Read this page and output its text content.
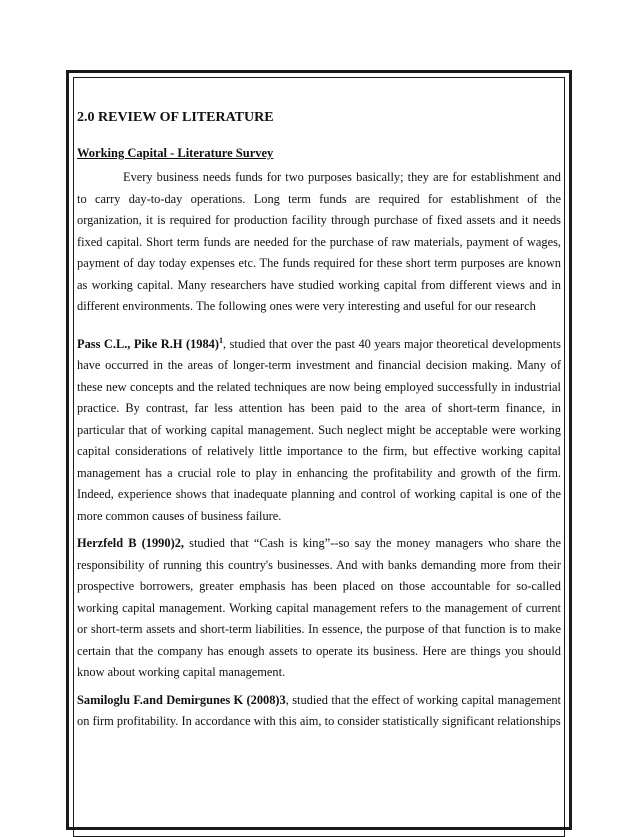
2.0 REVIEW OF LITERATURE
Working Capital - Literature Survey

Every business needs funds for two purposes basically; they are for establishment and to carry day-to-day operations. Long term funds are required for establishment of the organization, it is required for production facility through purchase of fixed assets and it needs fixed capital. Short term funds are needed for the purchase of raw materials, payment of wages, payment of day today expenses etc. The funds required for these short term purposes are known as working capital. Many researchers have studied working capital from different views and in different environments. The following ones were very interesting and useful for our research

Pass C.L., Pike R.H (1984)$^1$, studied that over the past 40 years major theoretical developments have occurred in the areas of longer-term investment and financial decision making. Many of these new concepts and the related techniques are now being employed successfully in industrial practice. By contrast, far less attention has been paid to the area of short-term finance, in particular that of working capital management. Such neglect might be acceptable were working capital considerations of relatively little importance to the firm, but effective working capital management has a crucial role to play in enhancing the profitability and growth of the firm. Indeed, experience shows that inadequate planning and control of working capital is one of the more common causes of business failure.

Herzfeld B (1990)2, studied that “Cash is king”--so say the money managers who share the responsibility of running this country's businesses. And with banks demanding more from their prospective borrowers, greater emphasis has been placed on those accountable for so-called working capital management. Working capital management refers to the management of current or short-term assets and short-term liabilities. In essence, the purpose of that function is to make certain that the company has enough assets to operate its business. Here are things you should know about working capital management.

Samiloglu F.and Demirgunes K (2008)3, studied that the effect of working capital management on firm profitability. In accordance with this aim, to consider statistically significant relationships
